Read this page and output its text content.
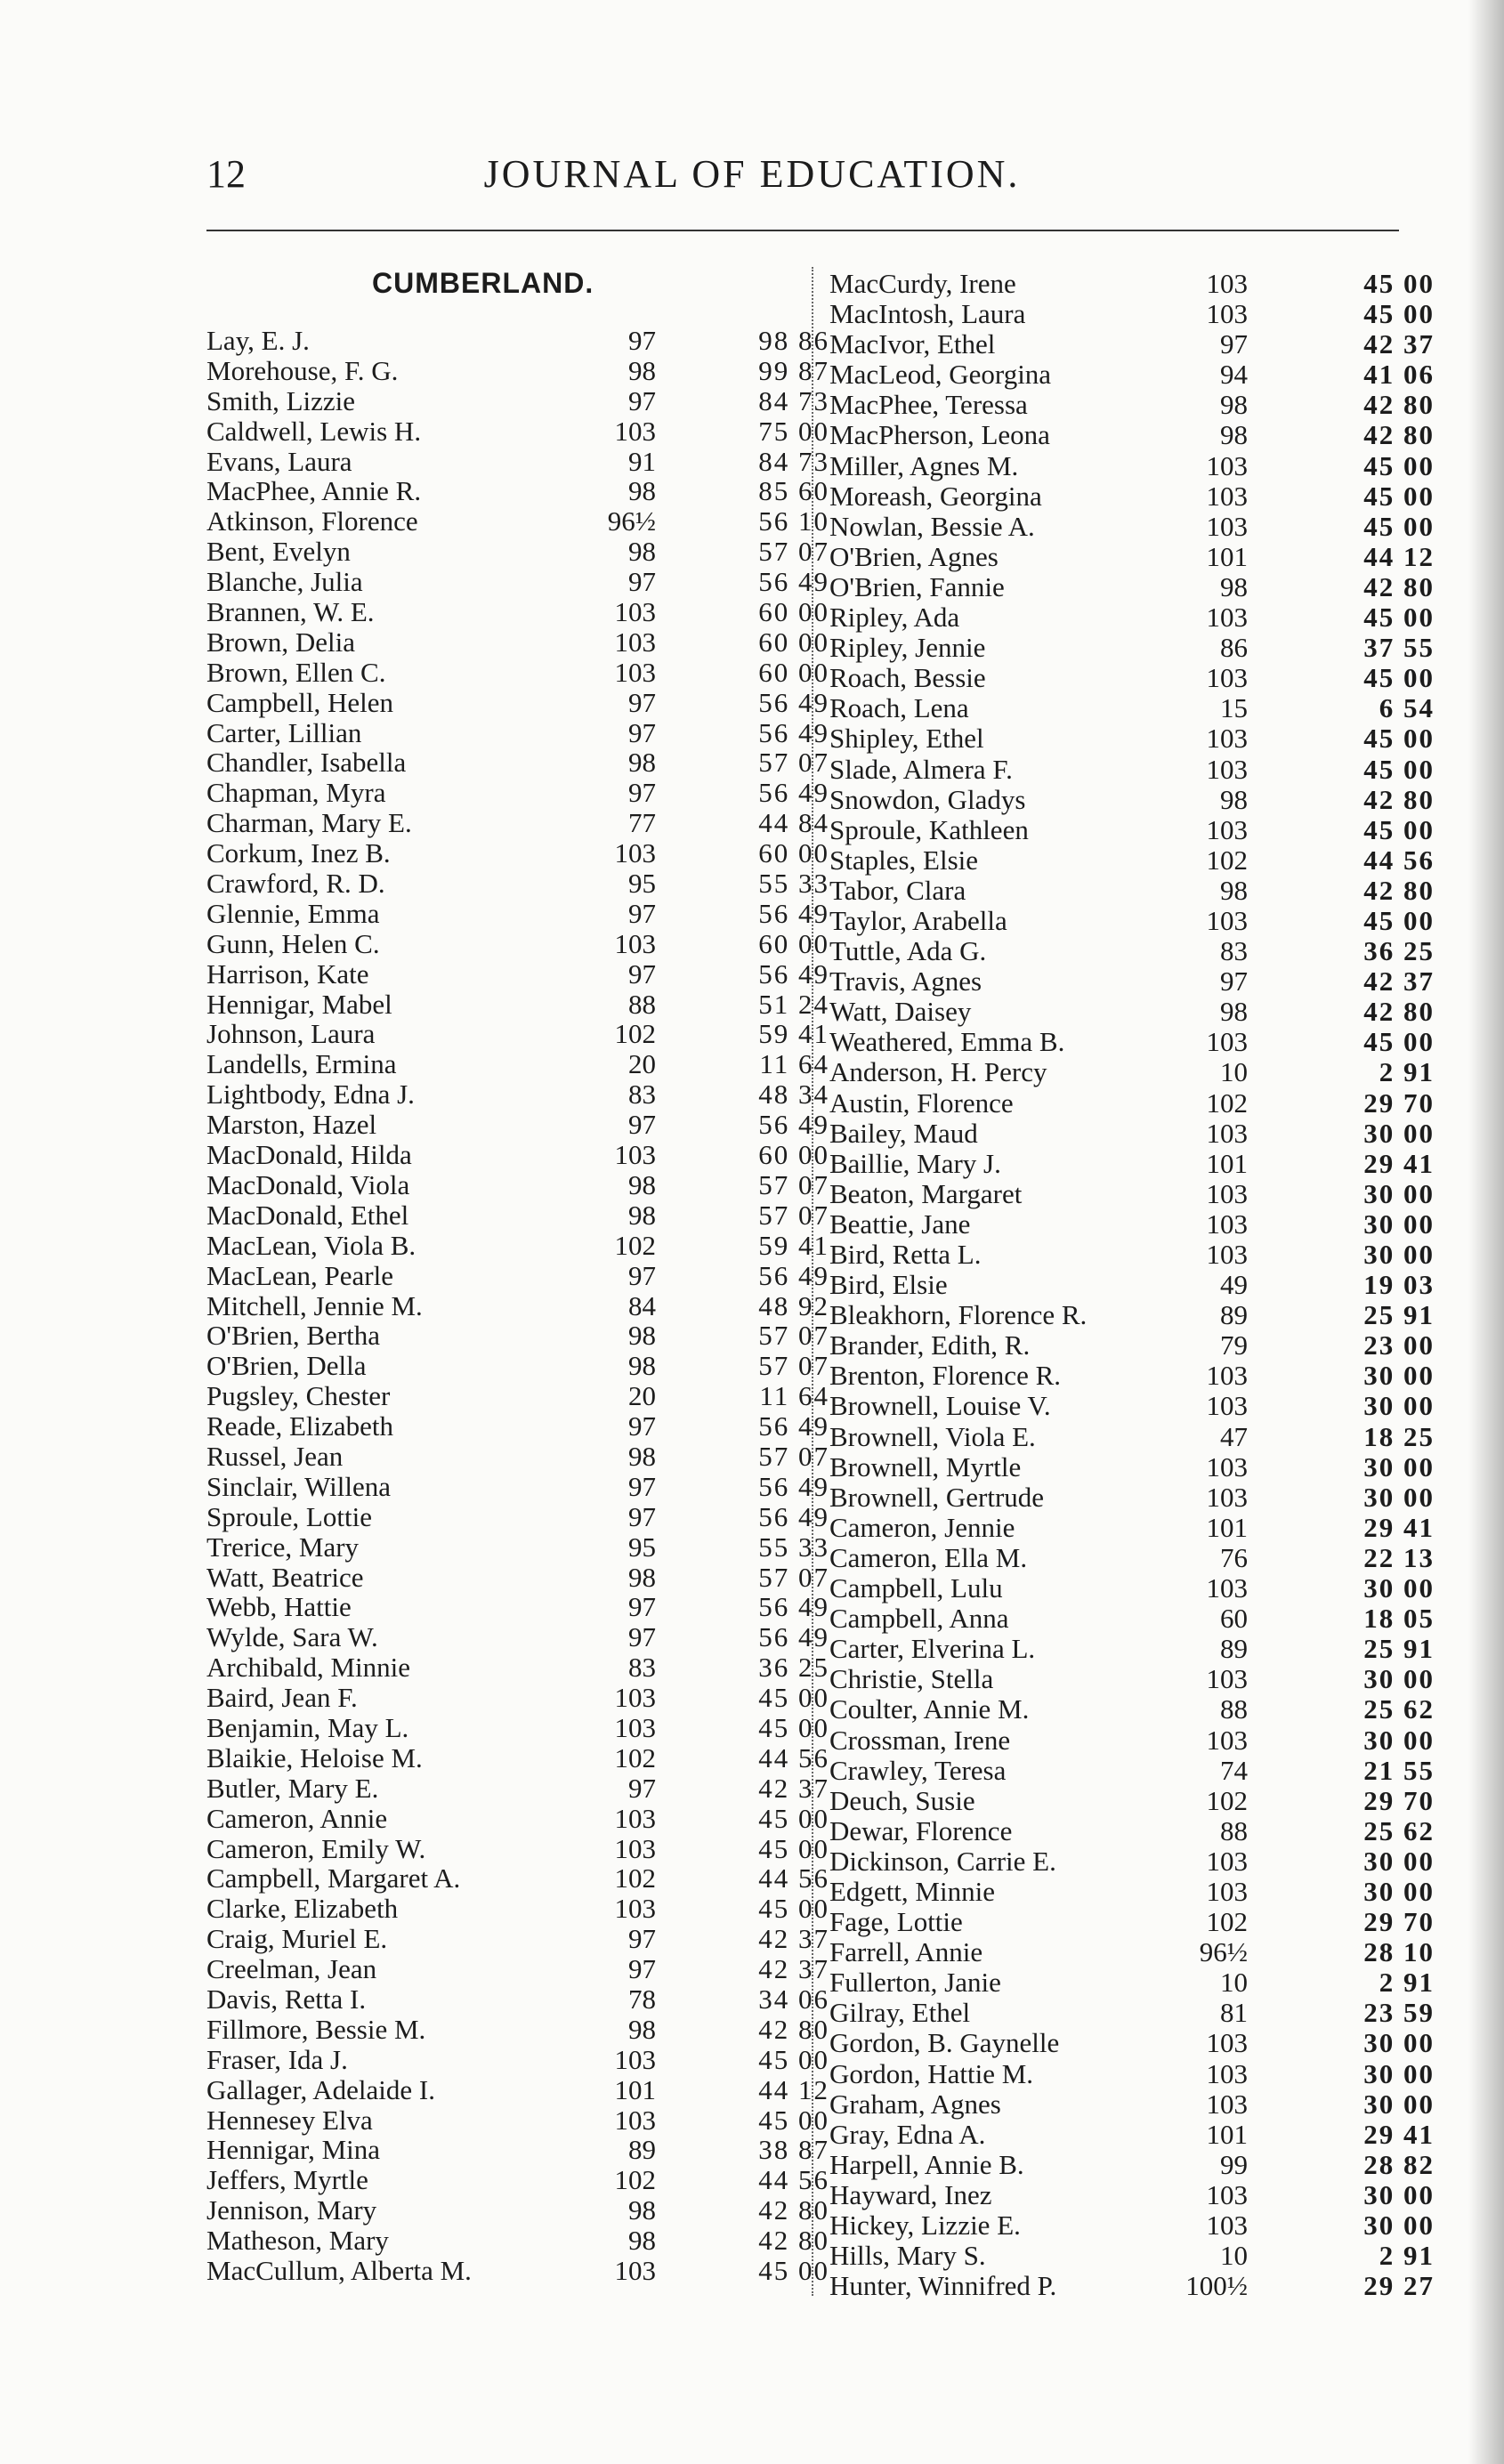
JOURNAL OF EDUCATION.
12
CUMBERLAND.
Lay, E. J.	97	98 86
Morehouse, F. G.	98	99 87
Smith, Lizzie	97	84 73
Caldwell, Lewis H.	103	75 00
Evans, Laura	91	84 73
MacPhee, Annie R.	98	85 60
Atkinson, Florence	96½	56 10
Bent, Evelyn	98	57 07
Blanche, Julia	97	56 49
Brannen, W. E.	103	60 00
Brown, Delia	103	60 00
Brown, Ellen C.	103	60 00
Campbell, Helen	97	56 49
Carter, Lillian	97	56 49
Chandler, Isabella	98	57 07
Chapman, Myra	97	56 49
Charman, Mary E.	77	44 84
Corkum, Inez B.	103	60 00
Crawford, R. D.	95	55 33
Glennie, Emma	97	56 49
Gunn, Helen C.	103	60 00
Harrison, Kate	97	56 49
Hennigar, Mabel	88	51 24
Johnson, Laura	102	59 41
Landells, Ermina	20	11 64
Lightbody, Edna J.	83	48 34
Marston, Hazel	97	56 49
MacDonald, Hilda	103	60 00
MacDonald, Viola	98	57 07
MacDonald, Ethel	98	57 07
MacLean, Viola B.	102	59 41
MacLean, Pearle	97	56 49
Mitchell, Jennie M.	84	48 92
O'Brien, Bertha	98	57 07
O'Brien, Della	98	57 07
Pugsley, Chester	20	11 64
Reade, Elizabeth	97	56 49
Russel, Jean	98	57 07
Sinclair, Willena	97	56 49
Sproule, Lottie	97	56 49
Trerice, Mary	95	55 33
Watt, Beatrice	98	57 07
Webb, Hattie	97	56 49
Wylde, Sara W.	97	56 49
Archibald, Minnie	83	36 25
Baird, Jean F.	103	45 00
Benjamin, May L.	103	45 00
Blaikie, Heloise M.	102	44 56
Butler, Mary E.	97	42 37
Cameron, Annie	103	45 00
Cameron, Emily W.	103	45 00
Campbell, Margaret A.	102	44 56
Clarke, Elizabeth	103	45 00
Craig, Muriel E.	97	42 37
Creelman, Jean	97	42 37
Davis, Retta I.	78	34 06
Fillmore, Bessie M.	98	42 80
Fraser, Ida J.	103	45 00
Gallager, Adelaide I.	101	44 12
Hennesey Elva	103	45 00
Hennigar, Mina	89	38 87
Jeffers, Myrtle	102	44 56
Jennison, Mary	98	42 80
Matheson, Mary	98	42 80
MacCullum, Alberta M.	103	45 00
MacCurdy, Irene	103	45 00
MacIntosh, Laura	103	45 00
MacIvor, Ethel	97	42 37
MacLeod, Georgina	94	41 06
MacPhee, Teressa	98	42 80
MacPherson, Leona	98	42 80
Miller, Agnes M.	103	45 00
Moreash, Georgina	103	45 00
Nowlan, Bessie A.	103	45 00
O'Brien, Agnes	101	44 12
O'Brien, Fannie	98	42 80
Ripley, Ada	103	45 00
Ripley, Jennie	86	37 55
Roach, Bessie	103	45 00
Roach, Lena	15	6 54
Shipley, Ethel	103	45 00
Slade, Almera F.	103	45 00
Snowdon, Gladys	98	42 80
Sproule, Kathleen	103	45 00
Staples, Elsie	102	44 56
Tabor, Clara	98	42 80
Taylor, Arabella	103	45 00
Tuttle, Ada G.	83	36 25
Travis, Agnes	97	42 37
Watt, Daisey	98	42 80
Weathered, Emma B.	103	45 00
Anderson, H. Percy	10	2 91
Austin, Florence	102	29 70
Bailey, Maud	103	30 00
Baillie, Mary J.	101	29 41
Beaton, Margaret	103	30 00
Beattie, Jane	103	30 00
Bird, Retta L.	103	30 00
Bird, Elsie	49	19 03
Bleakhorn, Florence R.	89	25 91
Brander, Edith, R.	79	23 00
Brenton, Florence R.	103	30 00
Brownell, Louise V.	103	30 00
Brownell, Viola E.	47	18 25
Brownell, Myrtle	103	30 00
Brownell, Gertrude	103	30 00
Cameron, Jennie	101	29 41
Cameron, Ella M.	76	22 13
Campbell, Lulu	103	30 00
Campbell, Anna	60	18 05
Carter, Elverina L.	89	25 91
Christie, Stella	103	30 00
Coulter, Annie M.	88	25 62
Crossman, Irene	103	30 00
Crawley, Teresa	74	21 55
Deuch, Susie	102	29 70
Dewar, Florence	88	25 62
Dickinson, Carrie E.	103	30 00
Edgett, Minnie	103	30 00
Fage, Lottie	102	29 70
Farrell, Annie	96½	28 10
Fullerton, Janie	10	2 91
Gilray, Ethel	81	23 59
Gordon, B. Gaynelle	103	30 00
Gordon, Hattie M.	103	30 00
Graham, Agnes	103	30 00
Gray, Edna A.	101	29 41
Harpell, Annie B.	99	28 82
Hayward, Inez	103	30 00
Hickey, Lizzie E.	103	30 00
Hills, Mary S.	10	2 91
Hunter, Winnifred P.	100½	29 27
